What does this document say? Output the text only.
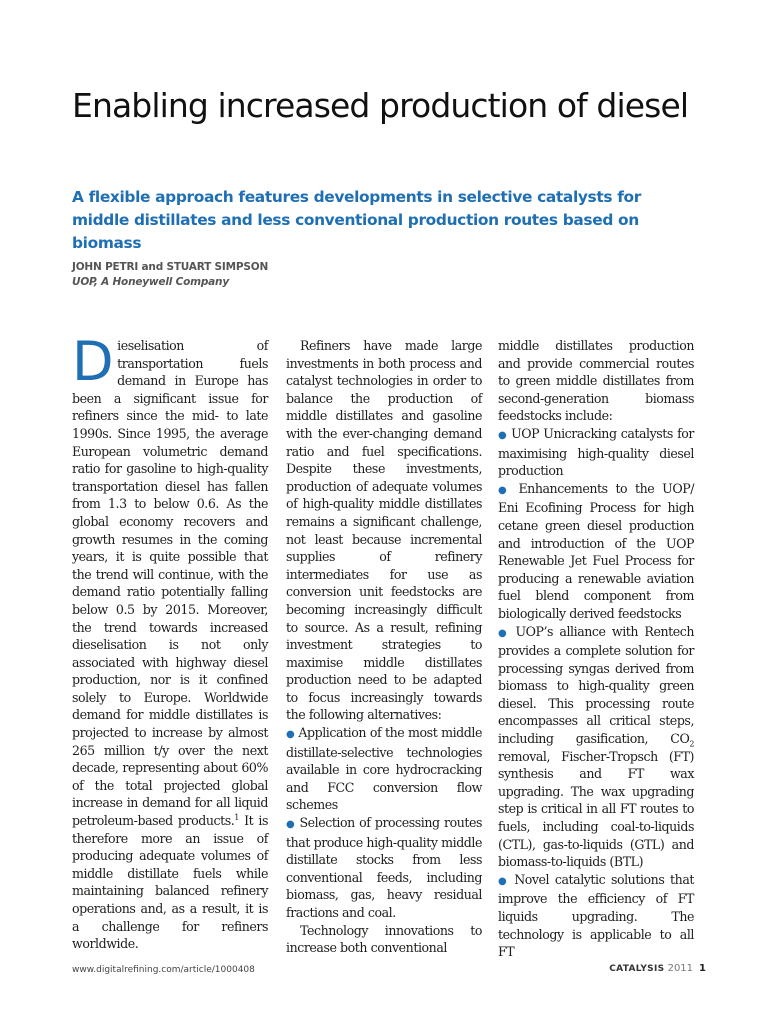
Enabling increased production of diesel
A flexible approach features developments in selective catalysts for middle distillates and less conventional production routes based on biomass
JOHN PETRI and STUART SIMPSON
UOP, A Honeywell Company

Dieselisation of transportation fuels demand in Europe has been a significant issue for refiners since the mid- to late 1990s. Since 1995, the average European volumetric demand ratio for gasoline to high-quality transportation diesel has fallen from 1.3 to below 0.6. As the global economy recovers and growth resumes in the coming years, it is quite possible that the trend will continue, with the demand ratio potentially falling below 0.5 by 2015. Moreover, the trend towards increased dieselisation is not only associated with highway diesel production, nor is it confined solely to Europe. Worldwide demand for middle distillates is projected to increase by almost 265 million t/y over the next decade, representing about 60% of the total projected global increase in demand for all liquid petroleum-based products.$^1$ It is therefore more an issue of producing adequate volumes of middle distillate fuels while maintaining balanced refinery operations and, as a result, it is a challenge for refiners worldwide.

Refiners have made large investments in both process and catalyst technologies in order to balance the production of middle distillates and gasoline with the ever-changing demand ratio and fuel specifications. Despite these investments, production of adequate volumes of high-quality middle distillates remains a significant challenge, not least because incremental supplies of refinery intermediates for use as conversion unit feedstocks are becoming increasingly difficult to source. As a result, refining investment strategies to maximise middle distillates production need to be adapted to focus increasingly towards the following alternatives:

● Application of the most middle distillate-selective technologies available in core hydrocracking and FCC conversion flow schemes

● Selection of processing routes that produce high-quality middle distillate stocks from less conventional feeds, including biomass, gas, heavy residual fractions and coal.

Technology innovations to increase both conventional

middle distillates production and provide commercial routes to green middle distillates from second-generation biomass feedstocks include:

● UOP Unicracking catalysts for maximising high-quality diesel production

● Enhancements to the UOP/ Eni Ecofining Process for high cetane green diesel production and introduction of the UOP Renewable Jet Fuel Process for producing a renewable aviation fuel blend component from biologically derived feedstocks

● UOP’s alliance with Rentech provides a complete solution for processing syngas derived from biomass to high-quality green diesel. This processing route encompasses all critical steps, including gasification, $CO_2$ removal, Fischer-Tropsch (FT) synthesis and FT wax upgrading. The wax upgrading step is critical in all FT routes to fuels, including coal-to-liquids (CTL), gas-to-liquids (GTL) and biomass-to-liquids (BTL)

● Novel catalytic solutions that improve the efficiency of FT liquids upgrading. The technology is applicable to all FT

www.digitalrefining.com/article/1000408	CATALYSIS 2011 1
